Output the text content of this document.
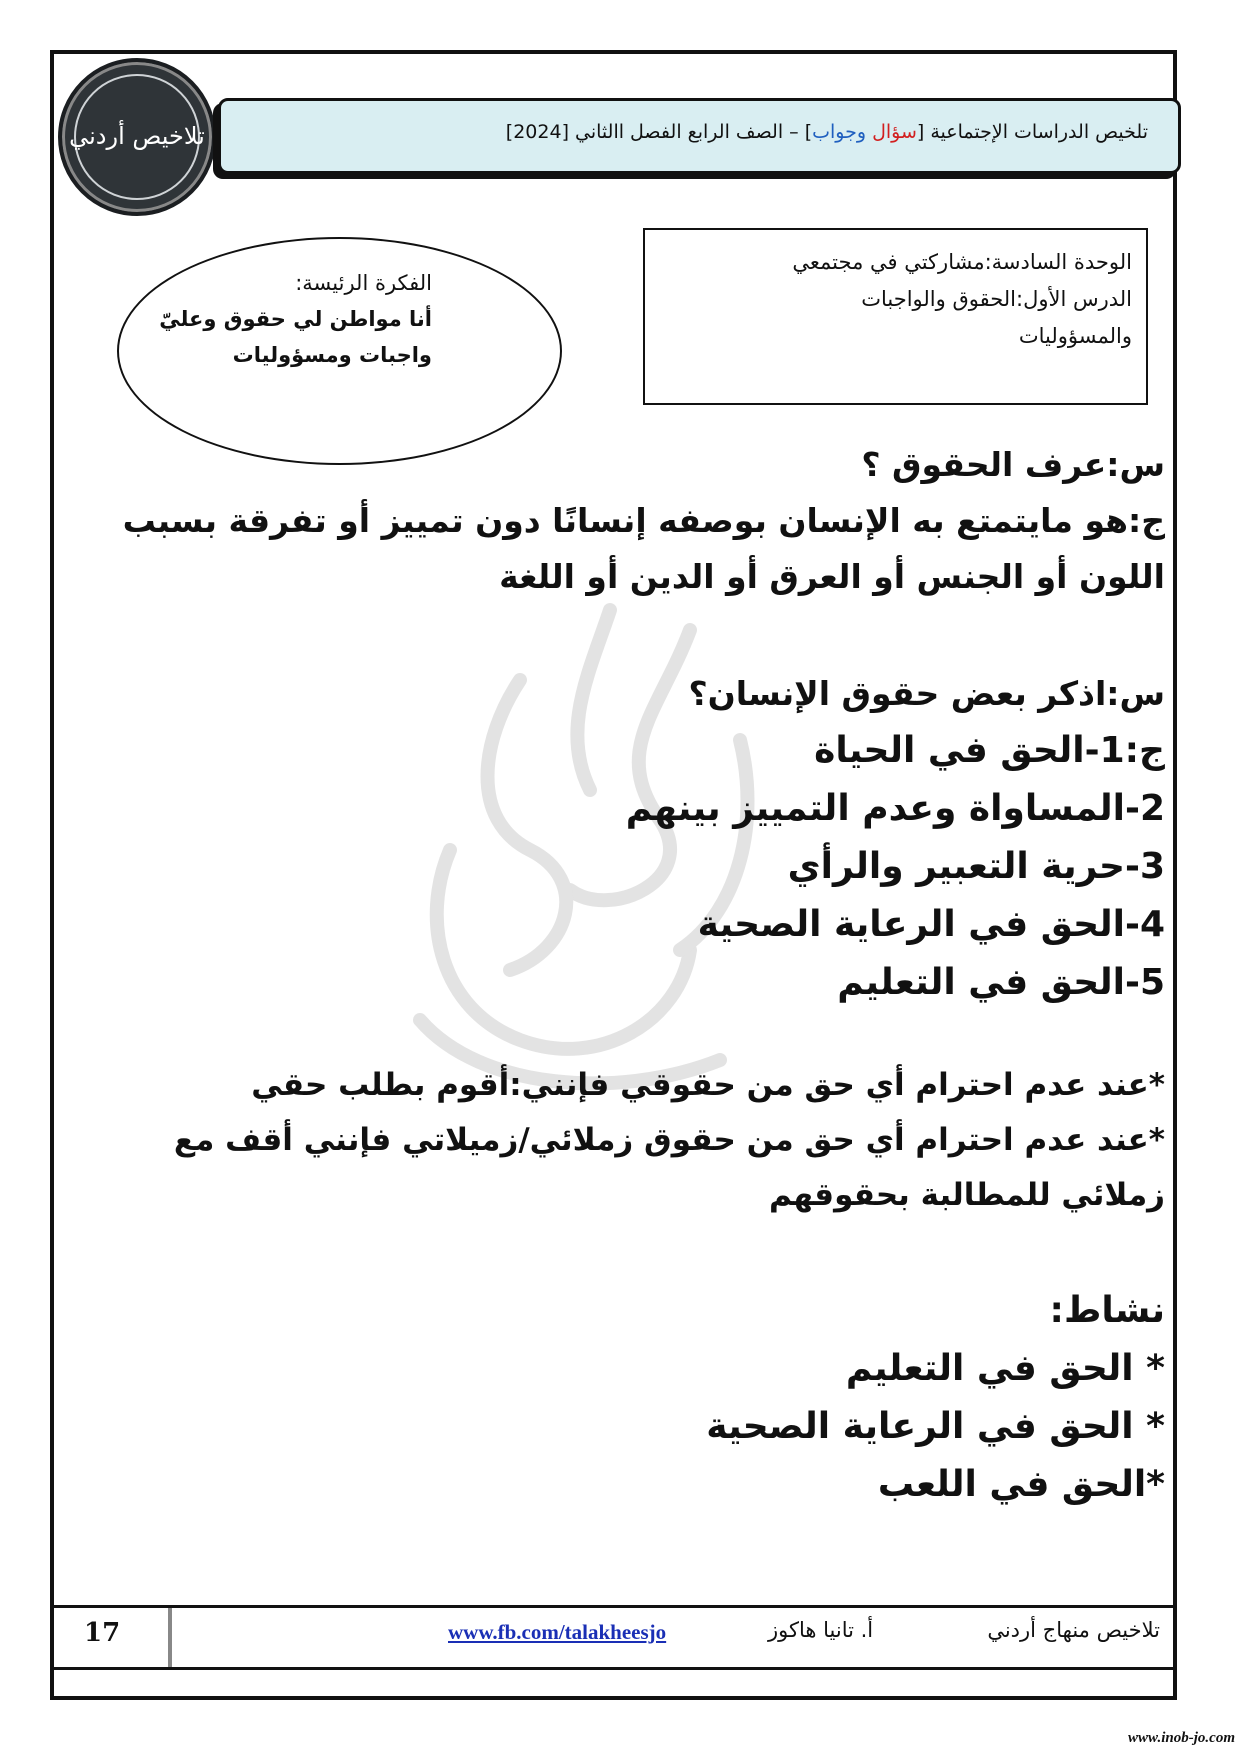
تلاخيص أردني	تلخيص الدراسات الإجتماعية [سؤال وجواب] – الصف الرابع الفصل االثاني [2024]
الوحدة السادسة:مشاركتي في مجتمعي
الدرس الأول:الحقوق والواجبات
والمسؤوليات
الفكرة الرئيسة:
أنا مواطن لي حقوق وعليّ
واجبات ومسؤوليات
س:عرف الحقوق ؟
ج:هو مايتمتع به الإنسان بوصفه إنسانًا دون تمييز أو تفرقة بسبب
اللون أو الجنس أو العرق أو الدين أو اللغة
س:اذكر بعض حقوق الإنسان؟
ج:1-الحق في الحياة
2-المساواة وعدم التمييز بينهم
3-حرية التعبير والرأي
4-الحق في الرعاية الصحية
5-الحق في التعليم
*عند عدم احترام أي حق من حقوقي فإنني:أقوم بطلب حقي
*عند عدم احترام أي حق من حقوق زملائي/زميلاتي فإنني أقف مع
زملائي للمطالبة بحقوقهم
نشاط:
* الحق في التعليم
* الحق في الرعاية الصحية
*الحق في اللعب
17	www.fb.com/talakheesjo	أ. تانيا هاكوز	تلاخيص منهاج أردني
www.inob-jo.com
